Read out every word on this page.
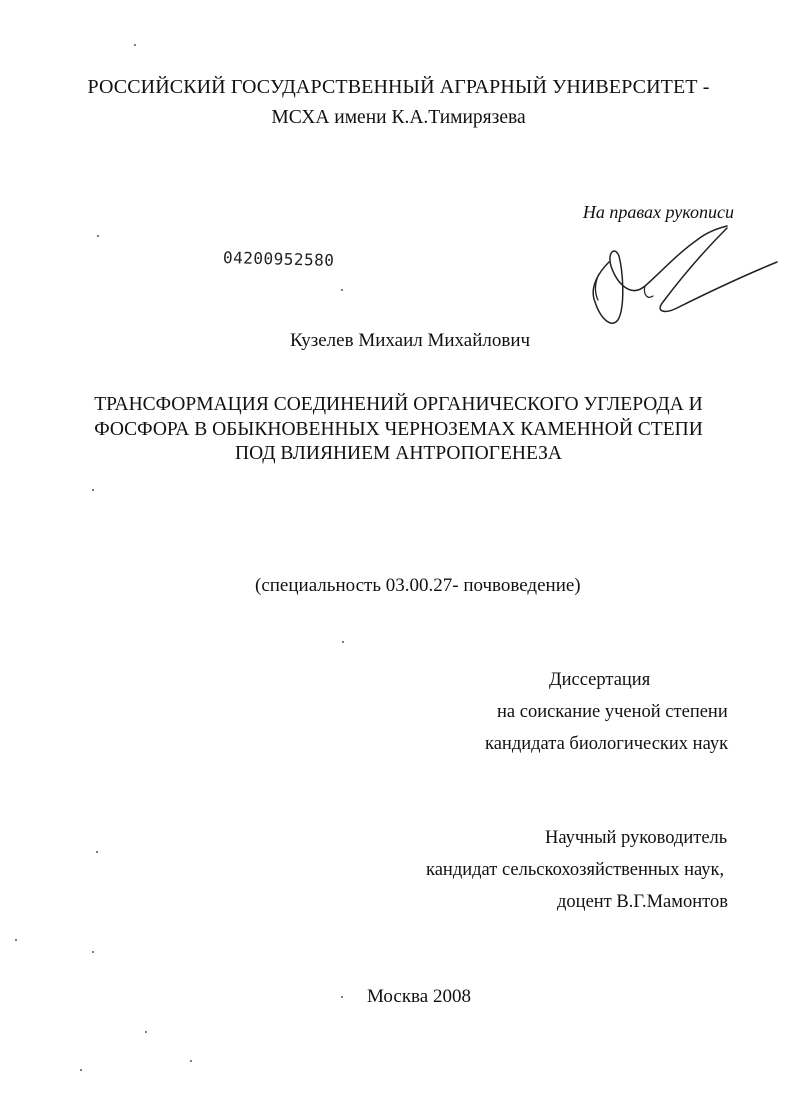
РОССИЙСКИЙ ГОСУДАРСТВЕННЫЙ АГРАРНЫЙ УНИВЕРСИТЕТ -
МСХА имени К.А.Тимирязева
На правах рукописи
04200952580
Кузелев Михаил Михайлович
ТРАНСФОРМАЦИЯ СОЕДИНЕНИЙ ОРГАНИЧЕСКОГО УГЛЕРОДА И
ФОСФОРА В ОБЫКНОВЕННЫХ ЧЕРНОЗЕМАХ КАМЕННОЙ СТЕПИ
ПОД ВЛИЯНИЕМ АНТРОПОГЕНЕЗА
(специальность 03.00.27- почвоведение)
Диссертация
на соискание ученой степени
кандидата биологических наук
Научный руководитель
кандидат сельскохозяйственных наук,
доцент В.Г.Мамонтов
Москва 2008
